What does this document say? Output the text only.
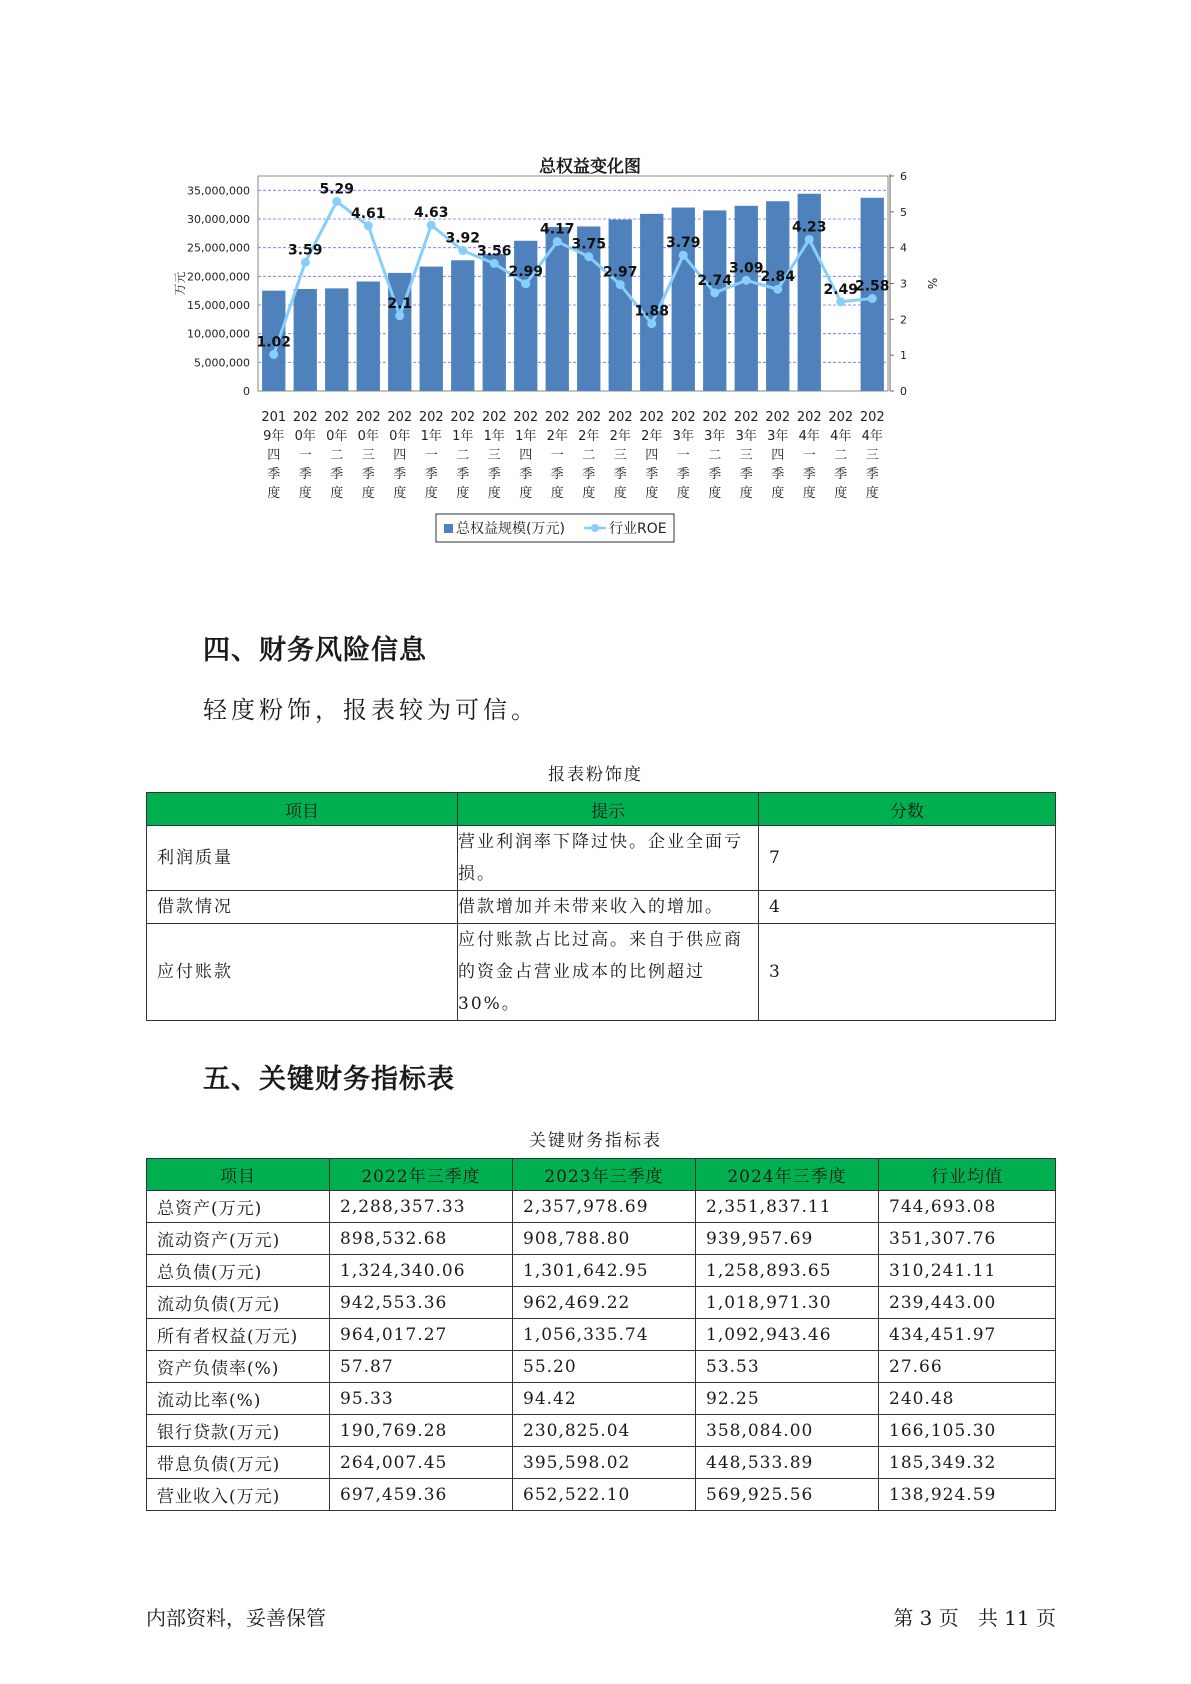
总权益变化图
0
5,000,000
10,000,000
15,000,000
20,000,000
25,000,000
30,000,000
35,000,000
0
1
2
3
4
5
6
万元	%
1.02
3.59
5.29
4.61
2.1
4.63
3.92
3.56
2.99
4.17
3.75
2.97
1.88
3.79
2.74
3.09
2.84
4.23
2.49
2.58
201
9年
四
季
度
202
0年
一
季
度
202
0年
二
季
度
202
0年
三
季
度
202
0年
四
季
度
202
1年
一
季
度
202
1年
二
季
度
202
1年
三
季
度
202
1年
四
季
度
202
2年
一
季
度
202
2年
二
季
度
202
2年
三
季
度
202
2年
四
季
度
202
3年
一
季
度
202
3年
二
季
度
202
3年
三
季
度
202
3年
四
季
度
202
4年
一
季
度
202
4年
二
季
度
202
4年
三
季
度
总权益规模(万元)	行业ROE
四、财务风险信息
轻度粉饰，报表较为可信。
报表粉饰度
项目	提示	分数
利润质量	营业利润率下降过快。企业全面亏损。	7
借款情况	借款增加并未带来收入的增加。	4
应付账款	应付账款占比过高。来自于供应商的资金占营业成本的比例超过30%。	3
五、关键财务指标表
关键财务指标表
项目	2022年三季度	2023年三季度	2024年三季度	行业均值
总资产(万元)	2,288,357.33	2,357,978.69	2,351,837.11	744,693.08
流动资产(万元)	898,532.68	908,788.80	939,957.69	351,307.76
总负债(万元)	1,324,340.06	1,301,642.95	1,258,893.65	310,241.11
流动负债(万元)	942,553.36	962,469.22	1,018,971.30	239,443.00
所有者权益(万元)	964,017.27	1,056,335.74	1,092,943.46	434,451.97
资产负债率(%)	57.87	55.20	53.53	27.66
流动比率(%)	95.33	94.42	92.25	240.48
银行贷款(万元)	190,769.28	230,825.04	358,084.00	166,105.30
带息负债(万元)	264,007.45	395,598.02	448,533.89	185,349.32
营业收入(万元)	697,459.36	652,522.10	569,925.56	138,924.59
内部资料，妥善保管	第 3 页   共 11 页
